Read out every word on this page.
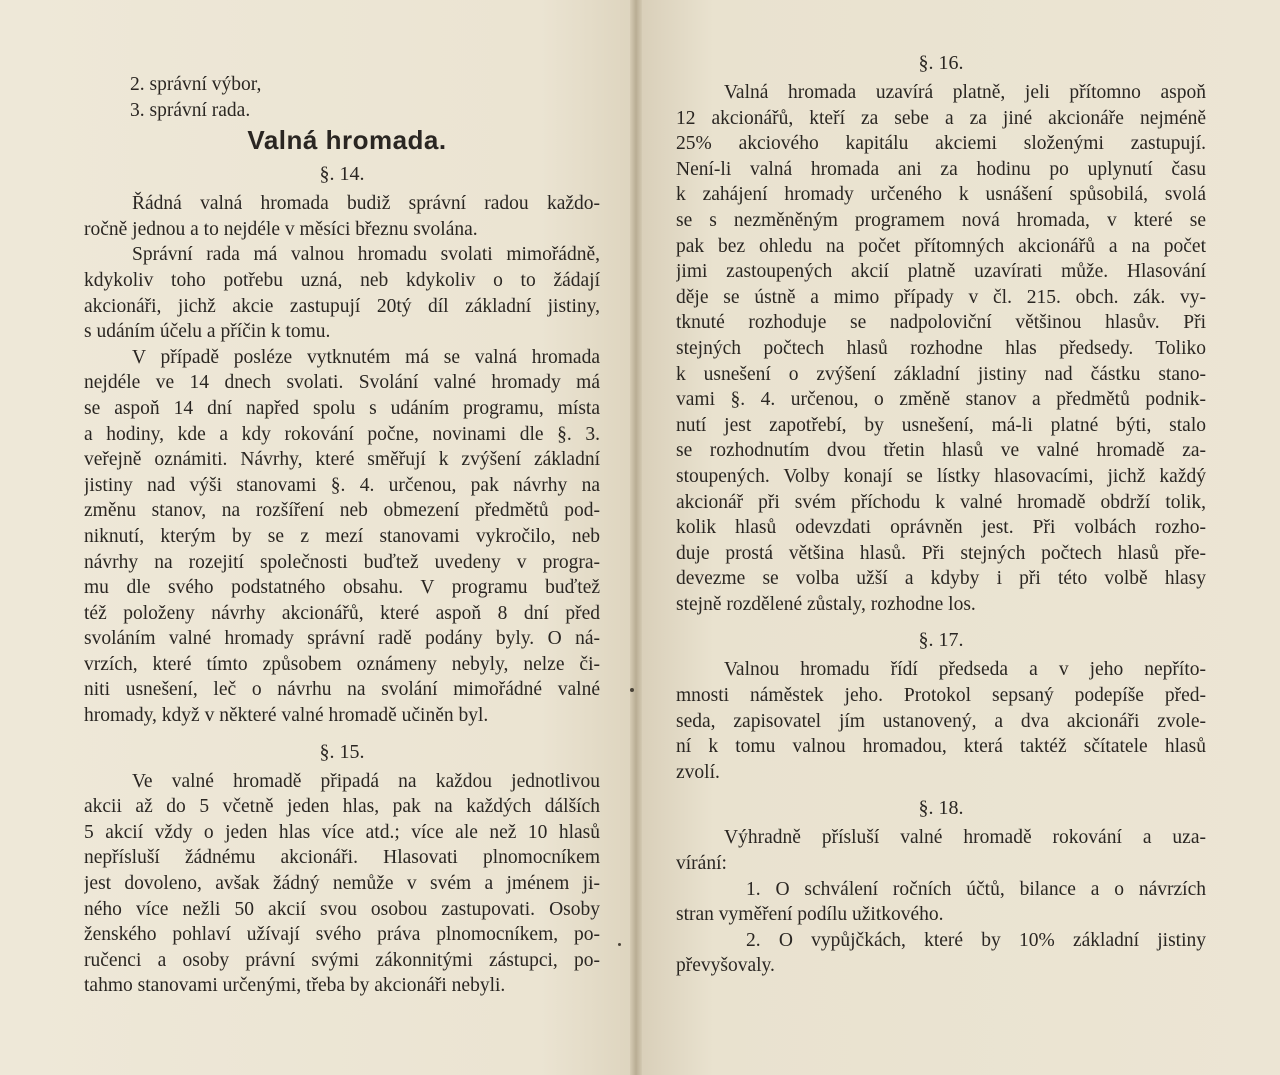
2. správní výbor,
3. správní rada.
Valná hromada.
§. 14.
Řádná valná hromada budiž správní radou každo-
ročně jednou a to nejdéle v měsíci březnu svolána.
Správní rada má valnou hromadu svolati mimořádně,
kdykoliv toho potřebu uzná, neb kdykoliv o to žádají
akcionáři, jichž akcie zastupují 20tý díl základní jistiny,
s udáním účelu a příčin k tomu.
V případě posléze vytknutém má se valná hromada
nejdéle ve 14 dnech svolati. Svolání valné hromady má
se aspoň 14 dní napřed spolu s udáním programu, místa
a hodiny, kde a kdy rokování počne, novinami dle §. 3.
veřejně oznámiti. Návrhy, které směřují k zvýšení základní
jistiny nad výši stanovami §. 4. určenou, pak návrhy na
změnu stanov, na rozšíření neb obmezení předmětů pod-
niknutí, kterým by se z mezí stanovami vykročilo, neb
návrhy na rozejití společnosti buďtež uvedeny v progra-
mu dle svého podstatného obsahu. V programu buďtež
též položeny návrhy akcionářů, které aspoň 8 dní před
svoláním valné hromady správní radě podány byly. O ná-
vrzích, které tímto způsobem oznámeny nebyly, nelze či-
niti usnešení, leč o návrhu na svolání mimořádné valné
hromady, když v některé valné hromadě učiněn byl.
§. 15.
Ve valné hromadě připadá na každou jednotlivou
akcii až do 5 včetně jeden hlas, pak na každých dálších
5 akcií vždy o jeden hlas více atd.; více ale než 10 hlasů
nepřísluší žádnému akcionáři. Hlasovati plnomocníkem
jest dovoleno, avšak žádný nemůže v svém a jménem ji-
ného více nežli 50 akcií svou osobou zastupovati. Osoby
ženského pohlaví užívají svého práva plnomocníkem, po-
ručenci a osoby právní svými zákonnitými zástupci, po-
tahmo stanovami určenými, třeba by akcionáři nebyli.
§. 16.
Valná hromada uzavírá platně, jeli přítomno aspoň
12 akcionářů, kteří za sebe a za jiné akcionáře nejméně
25% akciového kapitálu akciemi složenými zastupují.
Není-li valná hromada ani za hodinu po uplynutí času
k zahájení hromady určeného k usnášení spůsobilá, svolá
se s nezměněným programem nová hromada, v které se
pak bez ohledu na počet přítomných akcionářů a na počet
jimi zastoupených akcií platně uzavírati může. Hlasování
děje se ústně a mimo případy v čl. 215. obch. zák. vy-
tknuté rozhoduje se nadpoloviční většinou hlasův. Při
stejných počtech hlasů rozhodne hlas předsedy. Toliko
k usnešení o zvýšení základní jistiny nad částku stano-
vami §. 4. určenou, o změně stanov a předmětů podnik-
nutí jest zapotřebí, by usnešení, má-li platné býti, stalo
se rozhodnutím dvou třetin hlasů ve valné hromadě za-
stoupených. Volby konají se lístky hlasovacími, jichž každý
akcionář při svém příchodu k valné hromadě obdrží tolik,
kolik hlasů odevzdati oprávněn jest. Při volbách rozho-
duje prostá většina hlasů. Při stejných počtech hlasů pře-
devezme se volba užší a kdyby i při této volbě hlasy
stejně rozdělené zůstaly, rozhodne los.
§. 17.
Valnou hromadu řídí předseda a v jeho nepříto-
mnosti náměstek jeho. Protokol sepsaný podepíše před-
seda, zapisovatel jím ustanovený, a dva akcionáři zvole-
ní k tomu valnou hromadou, která taktéž sčítatele hlasů
zvolí.
§. 18.
Výhradně přísluší valné hromadě rokování a uza-
vírání:
1. O schválení ročních účtů, bilance a o návrzích
stran vyměření podílu užitkového.
2. O vypůjčkách, které by 10% základní jistiny
převyšovaly.
